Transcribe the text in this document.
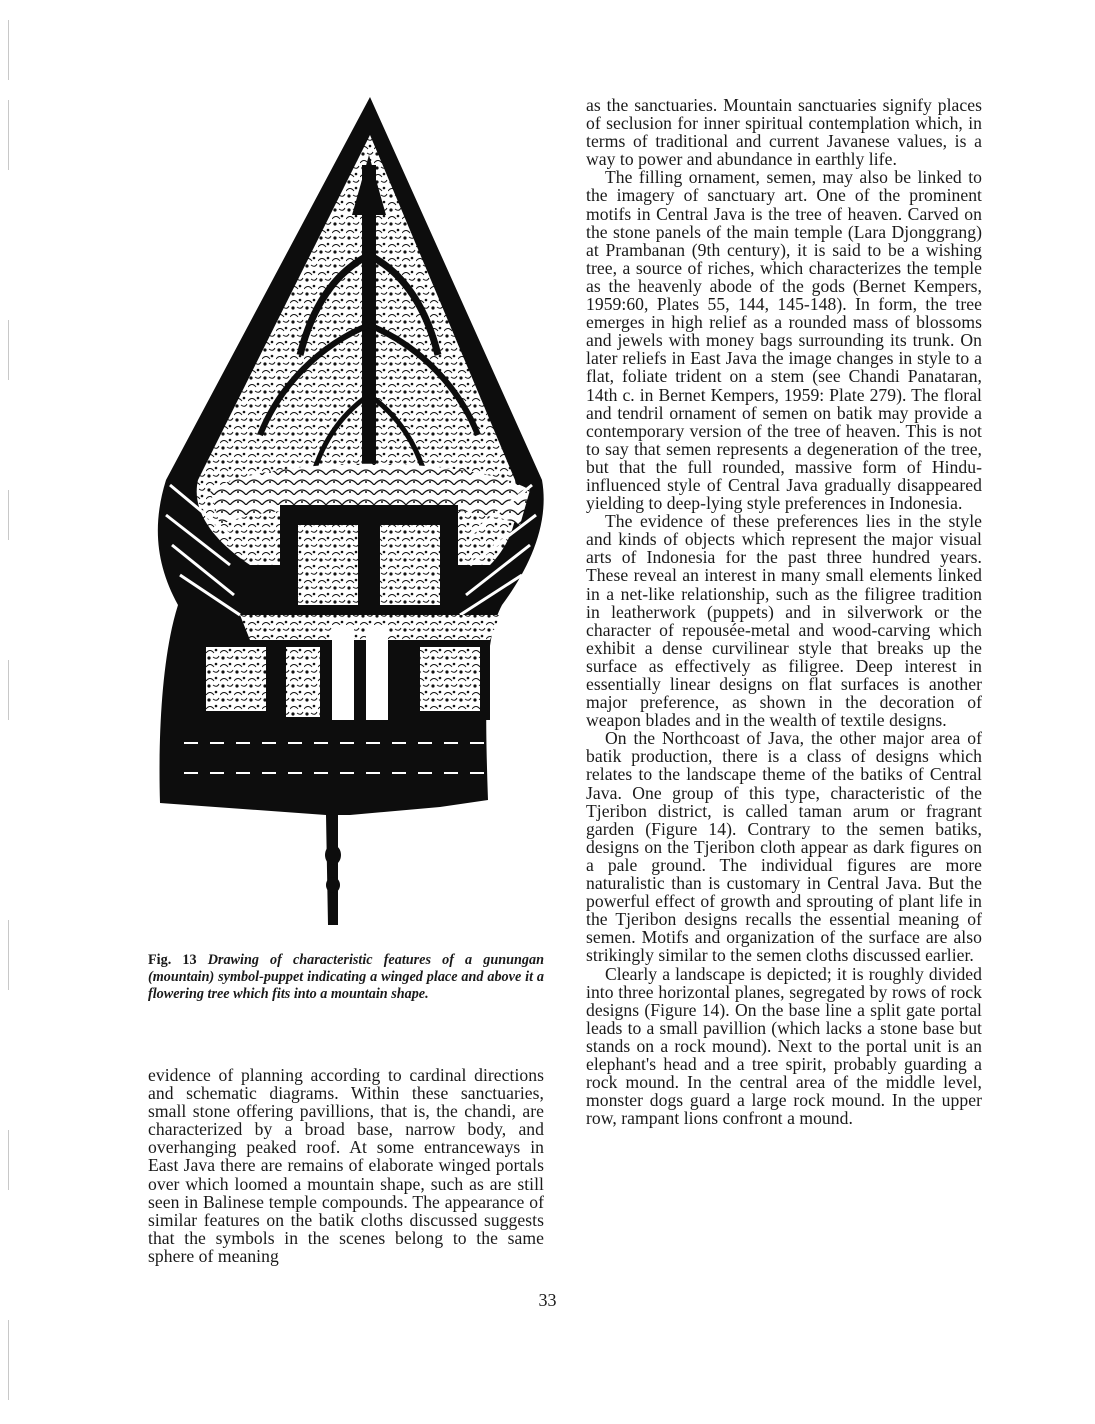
Fig. 13 Drawing of characteristic features of a gunungan (mountain) symbol-puppet indicating a winged place and above it a flowering tree which fits into a mountain shape.

evidence of planning according to cardinal directions and schematic diagrams. Within these sanctuaries, small stone offering pavillions, that is, the chandi, are characterized by a broad base, narrow body, and overhanging peaked roof. At some entranceways in East Java there are remains of elaborate winged portals over which loomed a mountain shape, such as are still seen in Balinese temple compounds. The appearance of similar features on the batik cloths discussed suggests that the symbols in the scenes belong to the same sphere of meaning

as the sanctuaries. Mountain sanctuaries signify places of seclusion for inner spiritual contemplation which, in terms of traditional and current Javanese values, is a way to power and abundance in earthly life.

The filling ornament, semen, may also be linked to the imagery of sanctuary art. One of the prominent motifs in Central Java is the tree of heaven. Carved on the stone panels of the main temple (Lara Djonggrang) at Prambanan (9th century), it is said to be a wishing tree, a source of riches, which characterizes the temple as the heavenly abode of the gods (Bernet Kempers, 1959:60, Plates 55, 144, 145-148). In form, the tree emerges in high relief as a rounded mass of blossoms and jewels with money bags surrounding its trunk. On later reliefs in East Java the image changes in style to a flat, foliate trident on a stem (see Chandi Panataran, 14th c. in Bernet Kempers, 1959: Plate 279). The floral and tendril ornament of semen on batik may provide a contemporary version of the tree of heaven. This is not to say that semen represents a degeneration of the tree, but that the full rounded, massive form of Hindu-influenced style of Central Java gradually disappeared yielding to deep-lying style preferences in Indonesia.

The evidence of these preferences lies in the style and kinds of objects which represent the major visual arts of Indonesia for the past three hundred years. These reveal an interest in many small elements linked in a net-like relationship, such as the filigree tradition in leatherwork (puppets) and in silverwork or the character of repousée-metal and wood-carving which exhibit a dense curvilinear style that breaks up the surface as effectively as filigree. Deep interest in essentially linear designs on flat surfaces is another major preference, as shown in the decoration of weapon blades and in the wealth of textile designs.

On the Northcoast of Java, the other major area of batik production, there is a class of designs which relates to the landscape theme of the batiks of Central Java. One group of this type, characteristic of the Tjeribon district, is called taman arum or fragrant garden (Figure 14). Contrary to the semen batiks, designs on the Tjeribon cloth appear as dark figures on a pale ground. The individual figures are more naturalistic than is customary in Central Java. But the powerful effect of growth and sprouting of plant life in the Tjeribon designs recalls the essential meaning of semen. Motifs and organization of the surface are also strikingly similar to the semen cloths discussed earlier.

Clearly a landscape is depicted; it is roughly divided into three horizontal planes, segregated by rows of rock designs (Figure 14). On the base line a split gate portal leads to a small pavillion (which lacks a stone base but stands on a rock mound). Next to the portal unit is an elephant's head and a tree spirit, probably guarding a rock mound. In the central area of the middle level, monster dogs guard a large rock mound. In the upper row, rampant lions confront a mound.

33
